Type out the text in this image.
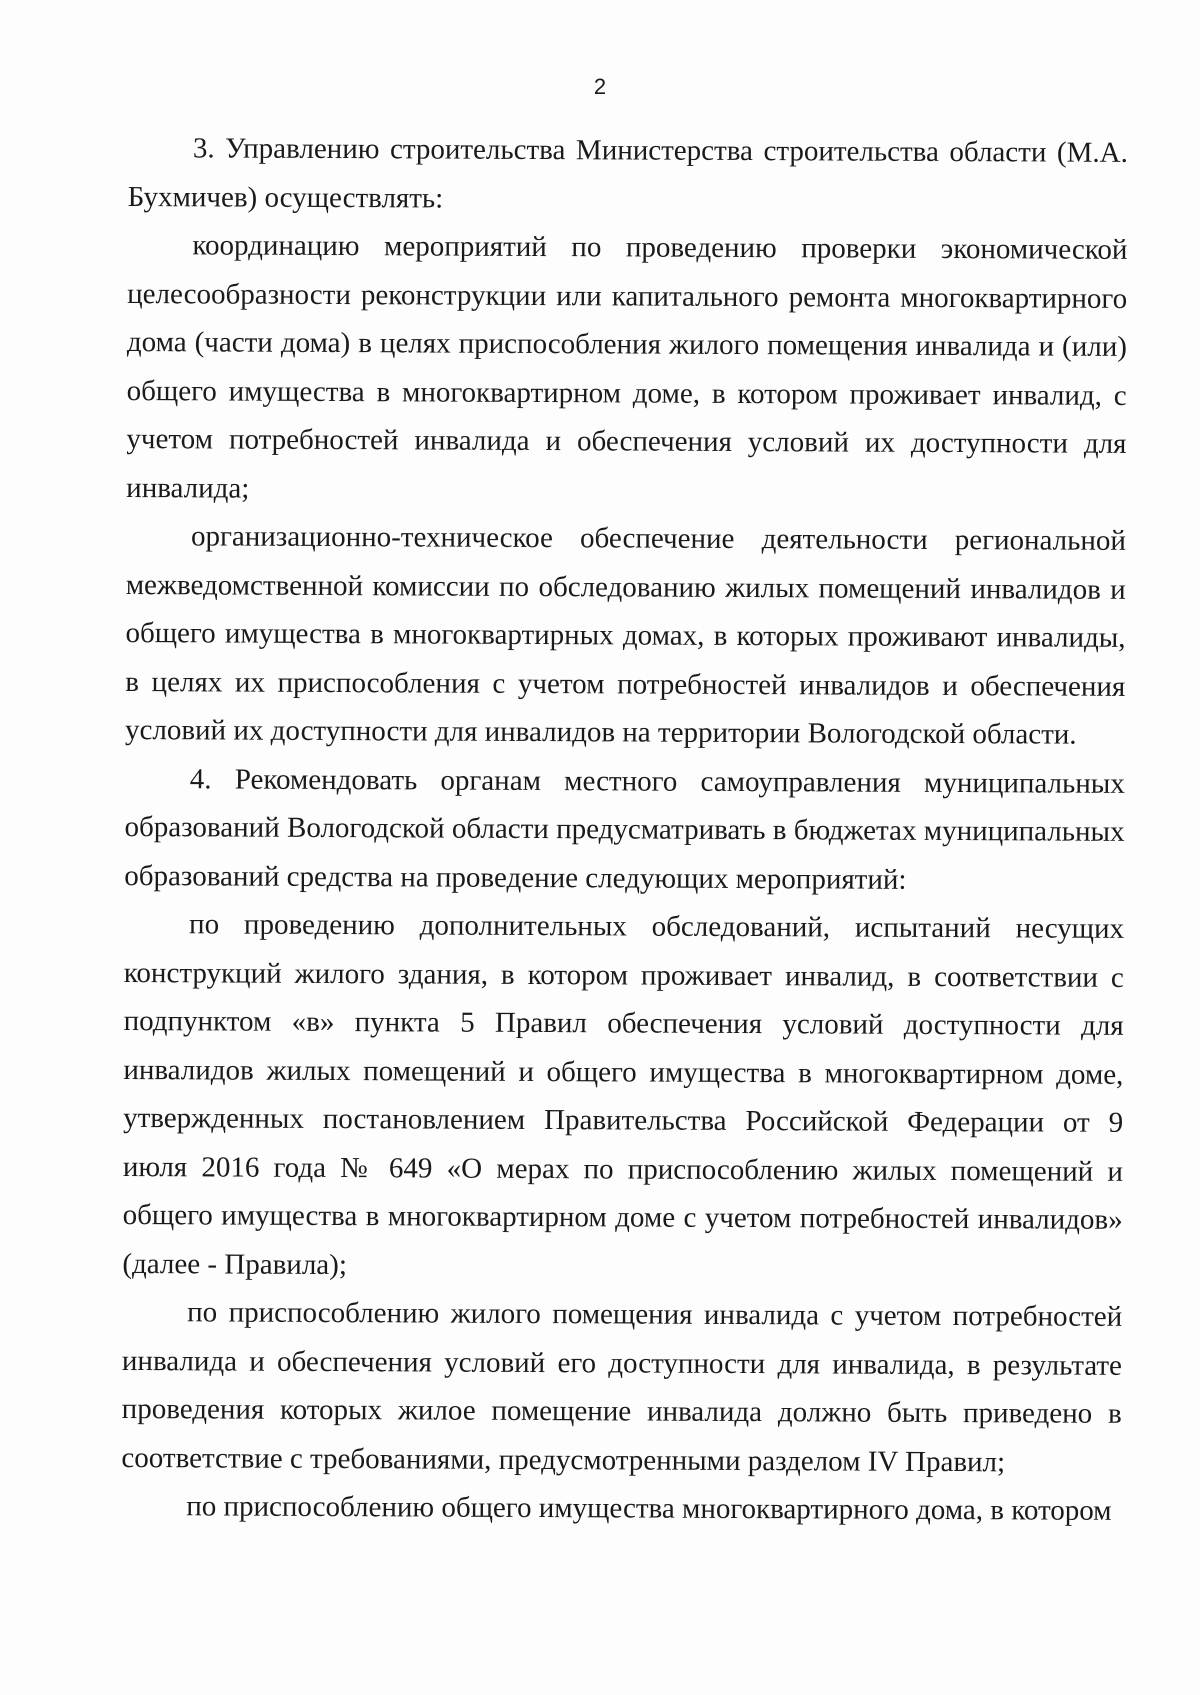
2

3. Управлению строительства Министерства строительства области (М.А. Бухмичев) осуществлять:

координацию мероприятий по проведению проверки экономической целесообразности реконструкции или капитального ремонта многоквартирного дома (части дома) в целях приспособления жилого помещения инвалида и (или) общего имущества в многоквартирном доме, в котором проживает инвалид, с учетом потребностей инвалида и обеспечения условий их доступности для инвалида;

организационно-техническое обеспечение деятельности региональной межведомственной комиссии по обследованию жилых помещений инвалидов и общего имущества в многоквартирных домах, в которых проживают инвалиды, в целях их приспособления с учетом потребностей инвалидов и обеспечения условий их доступности для инвалидов на территории Вологодской области.

4. Рекомендовать органам местного самоуправления муниципальных образований Вологодской области предусматривать в бюджетах муниципальных образований средства на проведение следующих мероприятий:

по проведению дополнительных обследований, испытаний несущих конструкций жилого здания, в котором проживает инвалид, в соответствии с подпунктом «в» пункта 5 Правил обеспечения условий доступности для инвалидов жилых помещений и общего имущества в многоквартирном доме, утвержденных постановлением Правительства Российской Федерации от 9 июля 2016 года № 649 «О мерах по приспособлению жилых помещений и общего имущества в многоквартирном доме с учетом потребностей инвалидов» (далее - Правила);

по приспособлению жилого помещения инвалида с учетом потребностей инвалида и обеспечения условий его доступности для инвалида, в результате проведения которых жилое помещение инвалида должно быть приведено в соответствие с требованиями, предусмотренными разделом IV Правил;

по приспособлению общего имущества многоквартирного дома, в котором
